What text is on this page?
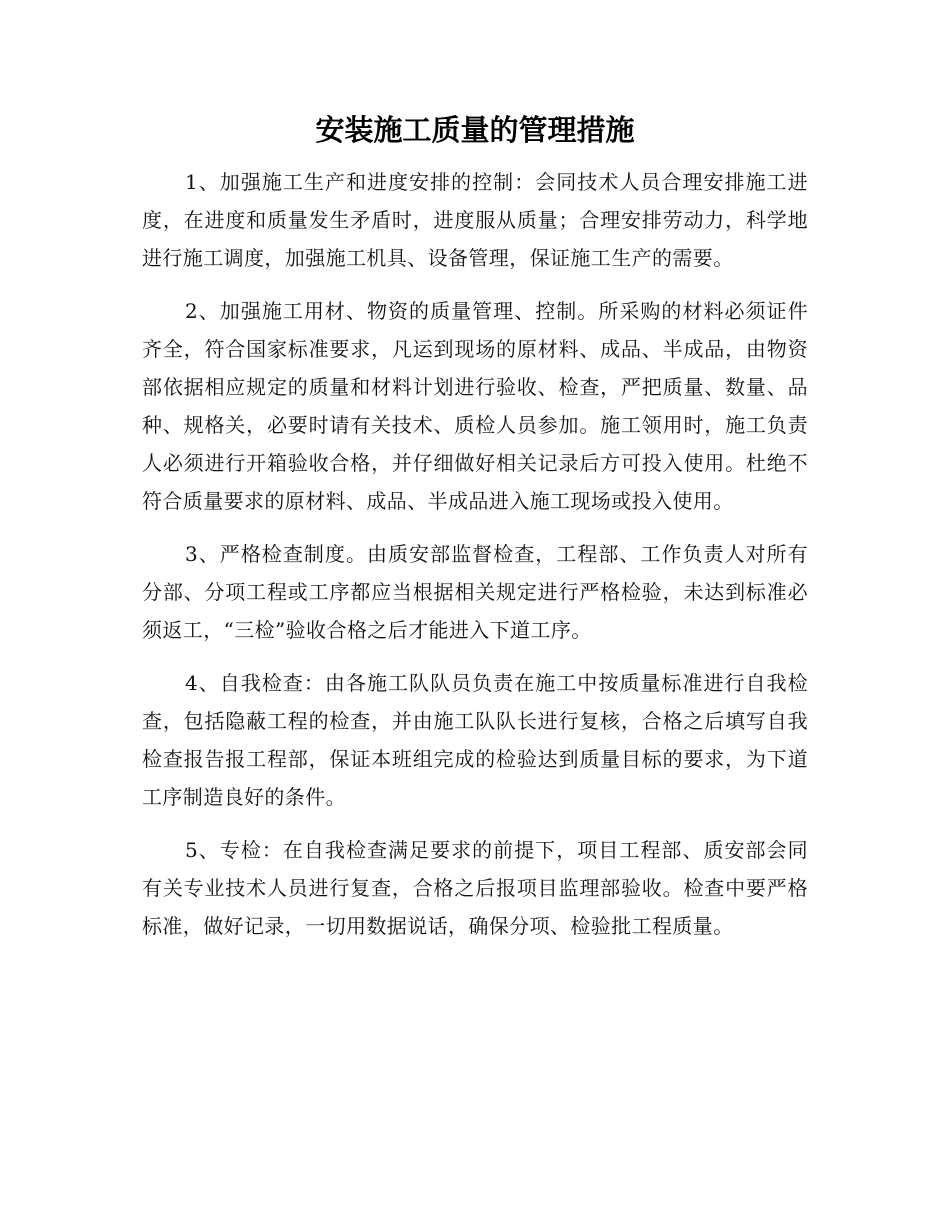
安装施工质量的管理措施

1、加强施工生产和进度安排的控制：会同技术人员合理安排施工进度，在进度和质量发生矛盾时，进度服从质量；合理安排劳动力，科学地进行施工调度，加强施工机具、设备管理，保证施工生产的需要。

2、加强施工用材、物资的质量管理、控制。所采购的材料必须证件齐全，符合国家标准要求，凡运到现场的原材料、成品、半成品，由物资部依据相应规定的质量和材料计划进行验收、检查，严把质量、数量、品种、规格关，必要时请有关技术、质检人员参加。施工领用时，施工负责人必须进行开箱验收合格，并仔细做好相关记录后方可投入使用。杜绝不符合质量要求的原材料、成品、半成品进入施工现场或投入使用。

3、严格检查制度。由质安部监督检查，工程部、工作负责人对所有分部、分项工程或工序都应当根据相关规定进行严格检验，未达到标准必须返工，“三检”验收合格之后才能进入下道工序。

4、自我检查：由各施工队队员负责在施工中按质量标准进行自我检查，包括隐蔽工程的检查，并由施工队队长进行复核，合格之后填写自我检查报告报工程部，保证本班组完成的检验达到质量目标的要求，为下道工序制造良好的条件。

5、专检：在自我检查满足要求的前提下，项目工程部、质安部会同有关专业技术人员进行复查，合格之后报项目监理部验收。检查中要严格标准，做好记录，一切用数据说话，确保分项、检验批工程质量。
